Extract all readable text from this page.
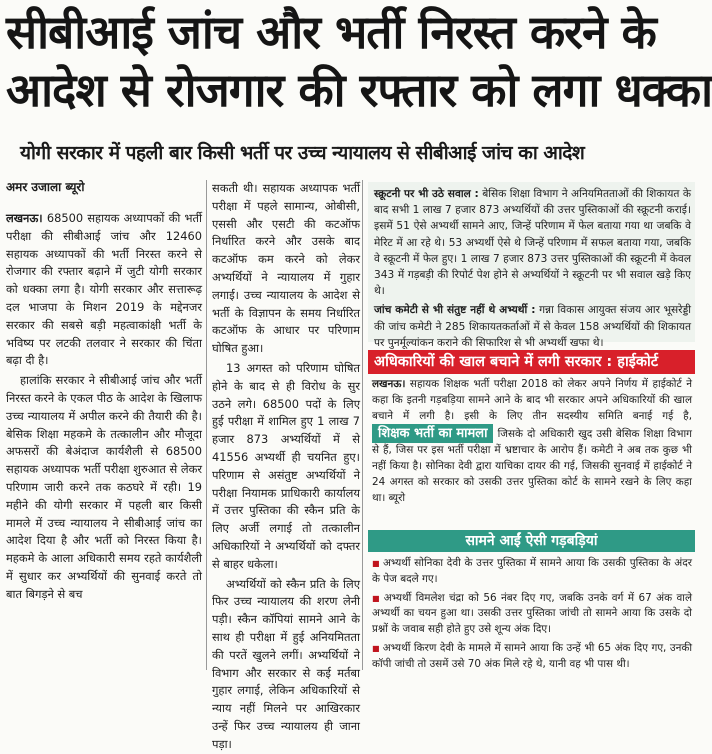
सीबीआई जांच और भर्ती निरस्त करने के
आदेश से रोजगार की रफ्तार को लगा धक्का
योगी सरकार में पहली बार किसी भर्ती पर उच्च न्यायालय से सीबीआई जांच का आदेश
अमर उजाला ब्यूरो

लखनऊ। 68500 सहायक अध्यापकों की भर्ती परीक्षा की सीबीआई जांच और 12460 सहायक अध्यापकों की भर्ती निरस्त करने से रोजगार की रफ्तार बढ़ाने में जुटी योगी सरकार को धक्का लगा है। योगी सरकार और सत्तारूढ़ दल भाजपा के मिशन 2019 के मद्देनजर सरकार की सबसे बड़ी महत्वाकांक्षी भर्ती के भविष्य पर लटकी तलवार ने सरकार की चिंता बढ़ा दी है।

हालांकि सरकार ने सीबीआई जांच और भर्ती निरस्त करने के एकल पीठ के आदेश के खिलाफ उच्च न्यायालय में अपील करने की तैयारी की है। बेसिक शिक्षा महकमे के तत्कालीन और मौजूदा अफसरों की बेअंदाज कार्यशैली से 68500 सहायक अध्यापक भर्ती परीक्षा शुरुआत से लेकर परिणाम जारी करने तक कठघरे में रही। 19 महीने की योगी सरकार में पहली बार किसी मामले में उच्च न्यायालय ने सीबीआई जांच का आदेश दिया है और भर्ती को निरस्त किया है। महकमे के आला अधिकारी समय रहते कार्यशैली में सुधार कर अभ्यर्थियों की सुनवाई करते तो बात बिगड़ने से बच

सकती थी। सहायक अध्यापक भर्ती परीक्षा में पहले सामान्य, ओबीसी, एससी और एसटी की कटऑफ निर्धारित करने और उसके बाद कटऑफ कम करने को लेकर अभ्यर्थियों ने न्यायालय में गुहार लगाई। उच्च न्यायालय के आदेश से भर्ती के विज्ञापन के समय निर्धारित कटऑफ के आधार पर परिणाम घोषित हुआ।

13 अगस्त को परिणाम घोषित होने के बाद से ही विरोध के सुर उठने लगे। 68500 पदों के लिए हुई परीक्षा में शामिल हुए 1 लाख 7 हजार 873 अभ्यर्थियों में से 41556 अभ्यर्थी ही चयनित हुए। परिणाम से असंतुष्ट अभ्यर्थियों ने परीक्षा नियामक प्राधिकारी कार्यालय में उत्तर पुस्तिका की स्कैन प्रति के लिए अर्जी लगाई तो तत्कालीन अधिकारियों ने अभ्यर्थियों को दफ्तर से बाहर धकेला।

अभ्यर्थियों को स्कैन प्रति के लिए फिर उच्च न्यायालय की शरण लेनी पड़ी। स्कैन कॉपियां सामने आने के साथ ही परीक्षा में हुई अनियमितता की परतें खुलने लगीं। अभ्यर्थियों ने विभाग और सरकार से कई मर्तबा गुहार लगाई, लेकिन अधिकारियों से न्याय नहीं मिलने पर आखिरकार उन्हें फिर उच्च न्यायालय ही जाना पड़ा।

स्क्रूटनी पर भी उठे सवाल : बेसिक शिक्षा विभाग ने अनियमितताओं की शिकायत के बाद सभी 1 लाख 7 हजार 873 अभ्यर्थियों की उत्तर पुस्तिकाओं की स्क्रूटनी कराई। इसमें 51 ऐसे अभ्यर्थी सामने आए, जिन्हें परिणाम में फेल बताया गया था जबकि वे मेरिट में आ रहे थे। 53 अभ्यर्थी ऐसे थे जिन्हें परिणाम में सफल बताया गया, जबकि वे स्क्रूटनी में फेल हुए। 1 लाख 7 हजार 873 उत्तर पुस्तिकाओं की स्क्रूटनी में केवल 343 में गड़बड़ी की रिपोर्ट पेश होने से अभ्यर्थियों ने स्क्रूटनी पर भी सवाल खड़े किए थे।

जांच कमेटी से भी संतुष्ट नहीं थे अभ्यर्थी : गन्ना विकास आयुक्त संजय आर भूसरेड्डी की जांच कमेटी ने 285 शिकायतकर्ताओं में से केवल 158 अभ्यर्थियों की शिकायत पर पुनर्मूल्यांकन कराने की सिफारिश से भी अभ्यर्थी खफा थे।

अधिकारियों की खाल बचाने में लगी सरकार : हाईकोर्ट
लखनऊ। सहायक शिक्षक भर्ती परीक्षा 2018 को लेकर अपने निर्णय में हाईकोर्ट ने कहा कि इतनी गड़बड़िया सामने आने के बाद भी सरकार अपने अधिकारियों की खाल बचाने में लगी है। इसी के लिए तीन सदस्यीय समिति बनाई गई है, शिक्षक भर्ती का मामला जिसके दो अधिकारी खुद उसी बेसिक शिक्षा विभाग से हैं, जिस पर इस भर्ती परीक्षा में भ्रष्टाचार के आरोप हैं। कमेटी ने अब तक कुछ भी नहीं किया है। सोनिका देवी द्वारा याचिका दायर की गई, जिसकी सुनवाई में हाईकोर्ट ने 24 अगस्त को सरकार को उसकी उत्तर पुस्तिका कोर्ट के सामने रखने के लिए कहा था। ब्यूरो
सामने आईं ऐसी गड़बड़ियां

■ अभ्यर्थी सोनिका देवी के उत्तर पुस्तिका में सामने आया कि उसकी पुस्तिका के अंदर के पेज बदले गए।

■ अभ्यर्थी विमलेश चंद्रा को 56 नंबर दिए गए, जबकि उनके वर्ग में 67 अंक वाले अभ्यर्थी का चयन हुआ था। उसकी उत्तर पुस्तिका जांची तो सामने आया कि उसके दो प्रश्नों के जवाब सही होते हुए उसे शून्य अंक दिए।

■ अभ्यर्थी किरण देवी के मामले में सामने आया कि उन्हें भी 65 अंक दिए गए, उनकी कॉपी जांची तो उसमें उसे 70 अंक मिले रहे थे, यानी वह भी पास थी।
